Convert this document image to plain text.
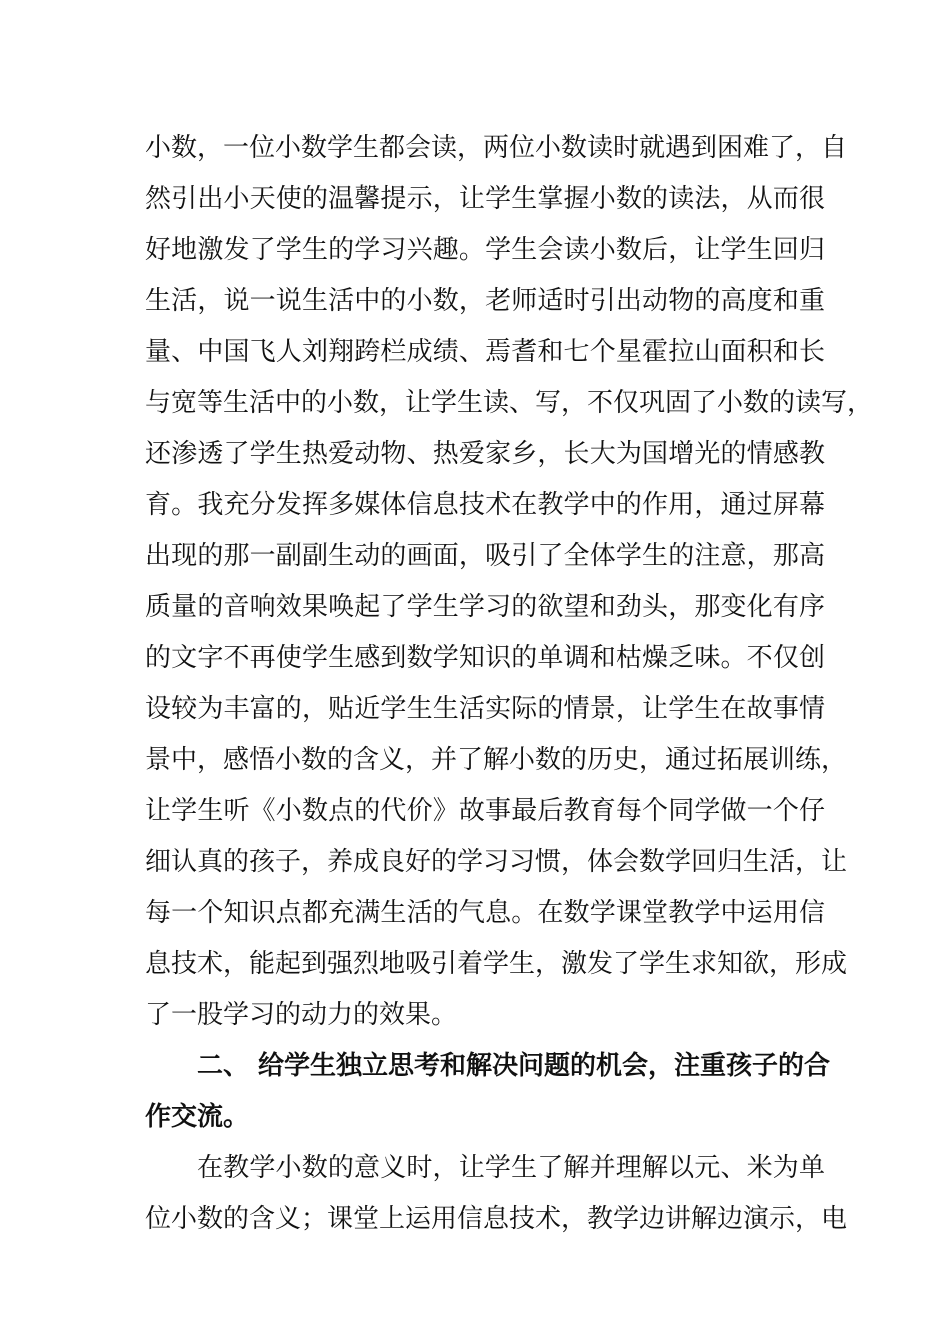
小数，一位小数学生都会读，两位小数读时就遇到困难了，自
然引出小天使的温馨提示，让学生掌握小数的读法，从而很
好地激发了学生的学习兴趣。学生会读小数后，让学生回归
生活，说一说生活中的小数，老师适时引出动物的高度和重
量、中国飞人刘翔跨栏成绩、焉耆和七个星霍拉山面积和长
与宽等生活中的小数，让学生读、写，不仅巩固了小数的读写，
还渗透了学生热爱动物、热爱家乡，长大为国增光的情感教
育。我充分发挥多媒体信息技术在教学中的作用，通过屏幕
出现的那一副副生动的画面，吸引了全体学生的注意，那高
质量的音响效果唤起了学生学习的欲望和劲头，那变化有序
的文字不再使学生感到数学知识的单调和枯燥乏味。不仅创
设较为丰富的，贴近学生生活实际的情景，让学生在故事情
景中，感悟小数的含义，并了解小数的历史，通过拓展训练，
让学生听《小数点的代价》故事最后教育每个同学做一个仔
细认真的孩子，养成良好的学习习惯，体会数学回归生活，让
每一个知识点都充满生活的气息。在数学课堂教学中运用信
息技术，能起到强烈地吸引着学生，激发了学生求知欲，形成
了一股学习的动力的效果。
二、 给学生独立思考和解决问题的机会，注重孩子的合
作交流。
在教学小数的意义时，让学生了解并理解以元、米为单
位小数的含义；课堂上运用信息技术，教学边讲解边演示，电
